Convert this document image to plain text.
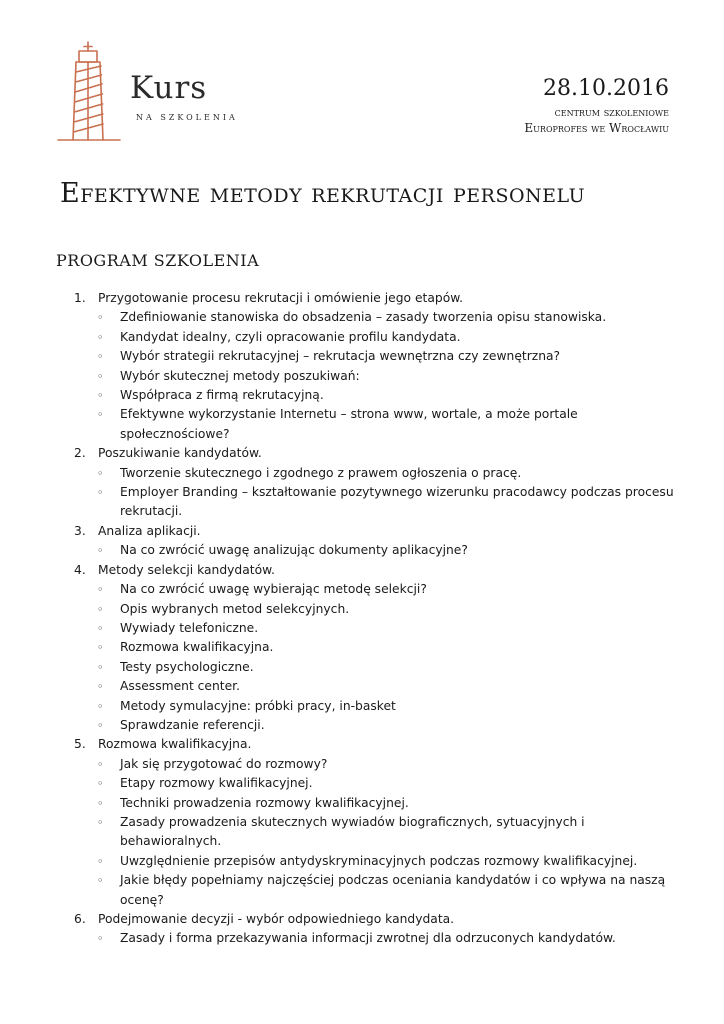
Kurs
NA SZKOLENIA
28.10.2016
centrum szkoleniowe
Europrofes we Wrocławiu
Efektywne metody rekrutacji personelu
PROGRAM SZKOLENIA
1. Przygotowanie procesu rekrutacji i omówienie jego etapów.
◦ Zdefiniowanie stanowiska do obsadzenia – zasady tworzenia opisu stanowiska.
◦ Kandydat idealny, czyli opracowanie profilu kandydata.
◦ Wybór strategii rekrutacyjnej – rekrutacja wewnętrzna czy zewnętrzna?
◦ Wybór skutecznej metody poszukiwań:
◦ Współpraca z firmą rekrutacyjną.
◦ Efektywne wykorzystanie Internetu – strona www, wortale, a może portale społecznościowe?
2. Poszukiwanie kandydatów.
◦ Tworzenie skutecznego i zgodnego z prawem ogłoszenia o pracę.
◦ Employer Branding – kształtowanie pozytywnego wizerunku pracodawcy podczas procesu rekrutacji.
3. Analiza aplikacji.
◦ Na co zwrócić uwagę analizując dokumenty aplikacyjne?
4. Metody selekcji kandydatów.
◦ Na co zwrócić uwagę wybierając metodę selekcji?
◦ Opis wybranych metod selekcyjnych.
◦ Wywiady telefoniczne.
◦ Rozmowa kwalifikacyjna.
◦ Testy psychologiczne.
◦ Assessment center.
◦ Metody symulacyjne: próbki pracy, in-basket
◦ Sprawdzanie referencji.
5. Rozmowa kwalifikacyjna.
◦ Jak się przygotować do rozmowy?
◦ Etapy rozmowy kwalifikacyjnej.
◦ Techniki prowadzenia rozmowy kwalifikacyjnej.
◦ Zasady prowadzenia skutecznych wywiadów biograficznych, sytuacyjnych i behawioralnych.
◦ Uwzględnienie przepisów antydyskryminacyjnych podczas rozmowy kwalifikacyjnej.
◦ Jakie błędy popełniamy najczęściej podczas oceniania kandydatów i co wpływa na naszą ocenę?
6. Podejmowanie decyzji - wybór odpowiedniego kandydata.
◦ Zasady i forma przekazywania informacji zwrotnej dla odrzuconych kandydatów.
